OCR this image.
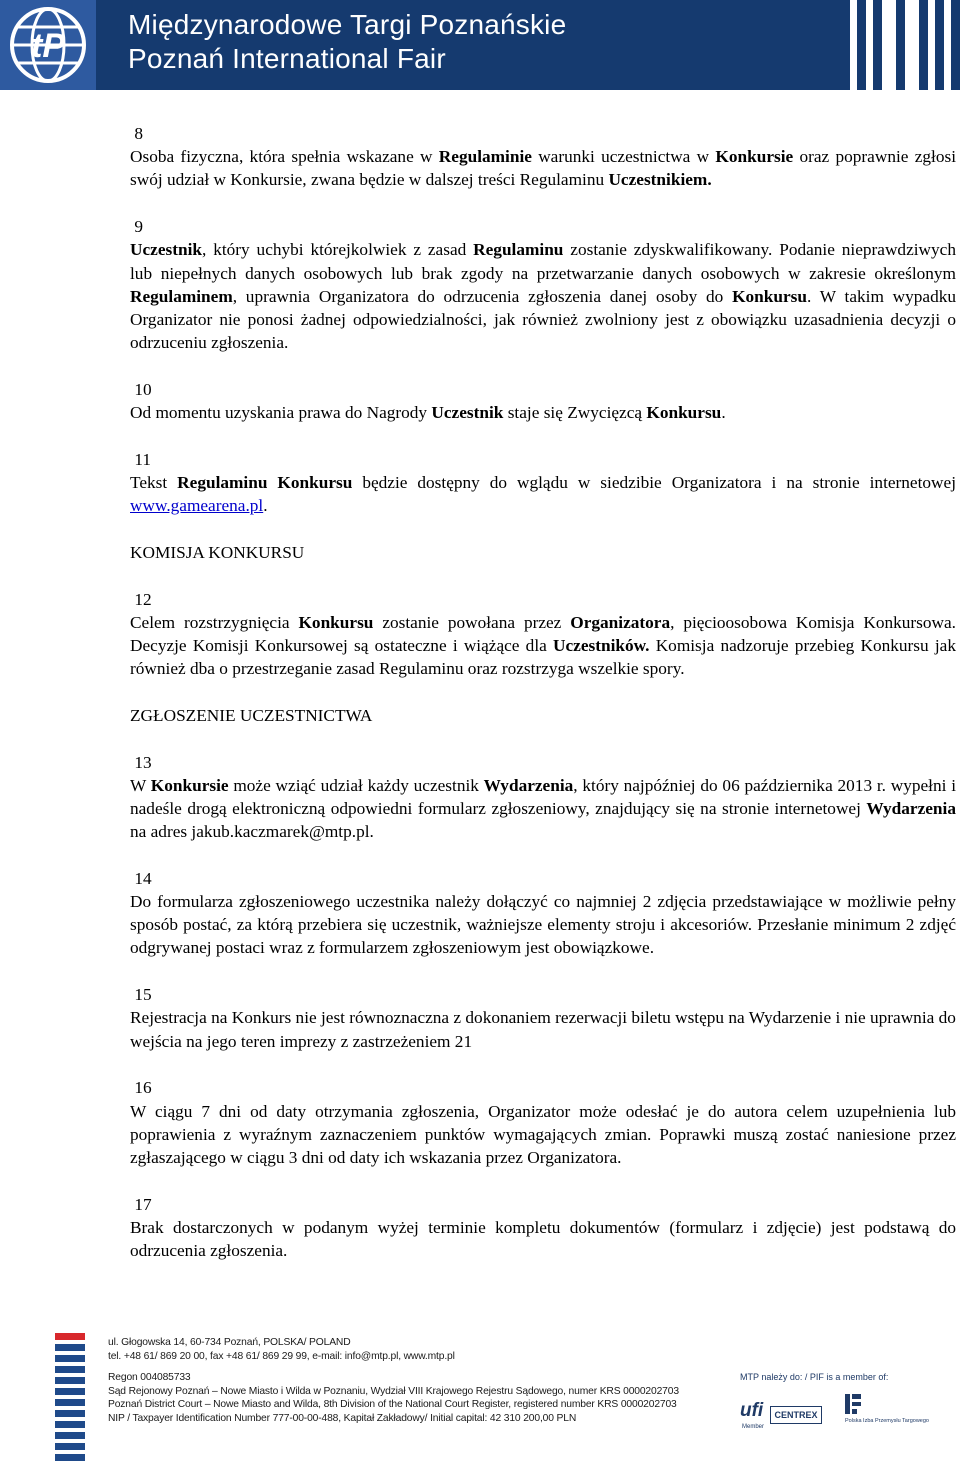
tP
Międzynarodowe Targi Poznańskie
Poznań International Fair
8
Osoba fizyczna, która spełnia wskazane w Regulaminie warunki uczestnictwa w Konkursie oraz poprawnie zgłosi swój udział w Konkursie, zwana będzie w dalszej treści Regulaminu Uczestnikiem.
9
Uczestnik, który uchybi którejkolwiek z zasad Regulaminu zostanie zdyskwalifikowany. Podanie nieprawdziwych lub niepełnych danych osobowych lub brak zgody na przetwarzanie danych osobowych w zakresie określonym Regulaminem, uprawnia Organizatora do odrzucenia zgłoszenia danej osoby do Konkursu. W takim wypadku Organizator nie ponosi żadnej odpowiedzialności, jak również zwolniony jest z obowiązku uzasadnienia decyzji o odrzuceniu zgłoszenia.
10
Od momentu uzyskania prawa do Nagrody Uczestnik staje się Zwycięzcą Konkursu.
11
Tekst Regulaminu Konkursu będzie dostępny do wglądu w siedzibie Organizatora i na stronie internetowej www.gamearena.pl.
KOMISJA KONKURSU
12
Celem rozstrzygnięcia Konkursu zostanie powołana przez Organizatora, pięcioosobowa Komisja Konkursowa. Decyzje Komisji Konkursowej są ostateczne i wiążące dla Uczestników. Komisja nadzoruje przebieg Konkursu jak również dba o przestrzeganie zasad Regulaminu oraz rozstrzyga wszelkie spory.
ZGŁOSZENIE UCZESTNICTWA
13
W Konkursie może wziąć udział każdy uczestnik Wydarzenia, który najpóźniej do 06 października 2013 r. wypełni i nadeśle drogą elektroniczną odpowiedni formularz zgłoszeniowy, znajdujący się na stronie internetowej Wydarzenia na adres jakub.kaczmarek@mtp.pl.
14
Do formularza zgłoszeniowego uczestnika należy dołączyć co najmniej 2 zdjęcia przedstawiające w możliwie pełny sposób postać, za którą przebiera się uczestnik, ważniejsze elementy stroju i akcesoriów. Przesłanie minimum 2 zdjęć odgrywanej postaci wraz z formularzem zgłoszeniowym jest obowiązkowe.
15
Rejestracja na Konkurs nie jest równoznaczna z dokonaniem rezerwacji biletu wstępu na Wydarzenie i nie uprawnia do wejścia na jego teren imprezy z zastrzeżeniem 21
16
W ciągu 7 dni od daty otrzymania zgłoszenia, Organizator może odesłać je do autora celem uzupełnienia lub poprawienia z wyraźnym zaznaczeniem punktów wymagających zmian. Poprawki muszą zostać naniesione przez zgłaszającego w ciągu 3 dni od daty ich wskazania przez Organizatora.
17
Brak dostarczonych w podanym wyżej terminie kompletu dokumentów (formularz i zdjęcie) jest podstawą do odrzucenia zgłoszenia.
ul. Głogowska 14, 60-734 Poznań, POLSKA/ POLAND
tel. +48 61/ 869 20 00, fax +48 61/ 869 29 99, e-mail: info@mtp.pl, www.mtp.pl
Regon 004085733
Sąd Rejonowy Poznań – Nowe Miasto i Wilda w Poznaniu, Wydział VIII Krajowego Rejestru Sądowego, numer KRS 0000202703
Poznań District Court – Nowe Miasto and Wilda, 8th Division of the National Court Register, registered number KRS 0000202703
NIP / Taxpayer Identification Number 777-00-00-488, Kapitał Zakładowy/ Initial capital: 42 310 200,00 PLN
MTP należy do: / PIF is a member of:
ufi
Member
CENTREX
Polska Izba Przemysłu Targowego
